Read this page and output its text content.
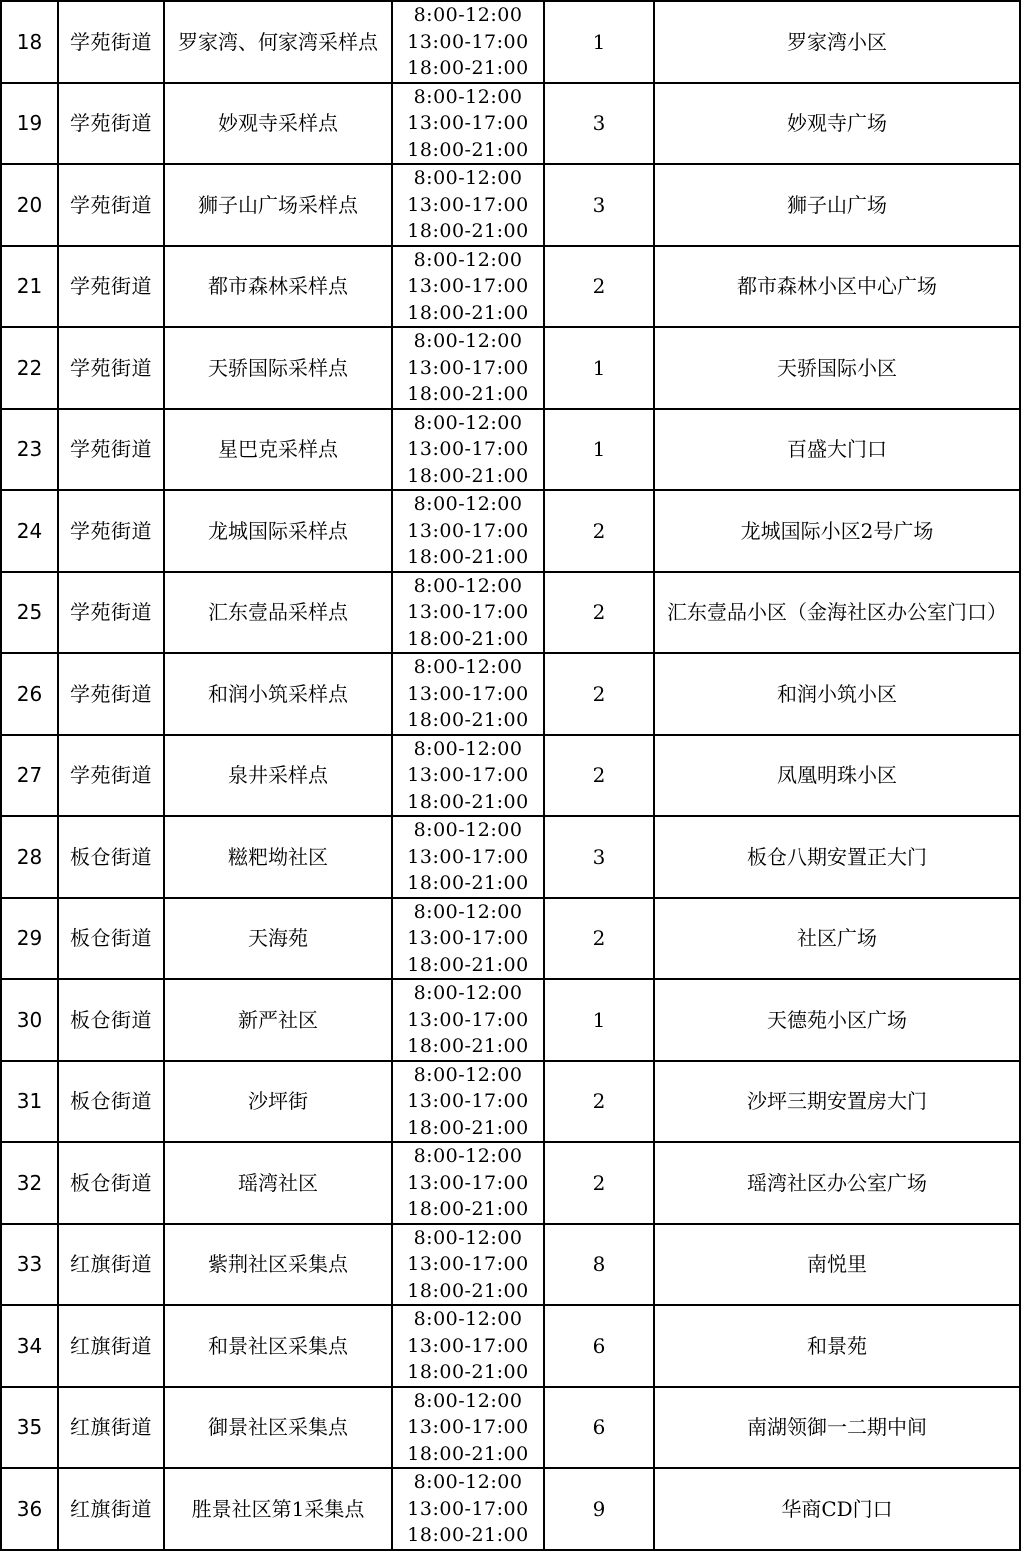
18	学苑街道	罗家湾、何家湾采样点	8:00-12:00
13:00-17:00
18:00-21:00	1	罗家湾小区
19	学苑街道	妙观寺采样点	8:00-12:00
13:00-17:00
18:00-21:00	3	妙观寺广场
20	学苑街道	狮子山广场采样点	8:00-12:00
13:00-17:00
18:00-21:00	3	狮子山广场
21	学苑街道	都市森林采样点	8:00-12:00
13:00-17:00
18:00-21:00	2	都市森林小区中心广场
22	学苑街道	天骄国际采样点	8:00-12:00
13:00-17:00
18:00-21:00	1	天骄国际小区
23	学苑街道	星巴克采样点	8:00-12:00
13:00-17:00
18:00-21:00	1	百盛大门口
24	学苑街道	龙城国际采样点	8:00-12:00
13:00-17:00
18:00-21:00	2	龙城国际小区2号广场
25	学苑街道	汇东壹品采样点	8:00-12:00
13:00-17:00
18:00-21:00	2	汇东壹品小区（金海社区办公室门口）
26	学苑街道	和润小筑采样点	8:00-12:00
13:00-17:00
18:00-21:00	2	和润小筑小区
27	学苑街道	泉井采样点	8:00-12:00
13:00-17:00
18:00-21:00	2	凤凰明珠小区
28	板仓街道	糍粑坳社区	8:00-12:00
13:00-17:00
18:00-21:00	3	板仓八期安置正大门
29	板仓街道	天海苑	8:00-12:00
13:00-17:00
18:00-21:00	2	社区广场
30	板仓街道	新严社区	8:00-12:00
13:00-17:00
18:00-21:00	1	天德苑小区广场
31	板仓街道	沙坪街	8:00-12:00
13:00-17:00
18:00-21:00	2	沙坪三期安置房大门
32	板仓街道	瑶湾社区	8:00-12:00
13:00-17:00
18:00-21:00	2	瑶湾社区办公室广场
33	红旗街道	紫荆社区采集点	8:00-12:00
13:00-17:00
18:00-21:00	8	南悦里
34	红旗街道	和景社区采集点	8:00-12:00
13:00-17:00
18:00-21:00	6	和景苑
35	红旗街道	御景社区采集点	8:00-12:00
13:00-17:00
18:00-21:00	6	南湖领御一二期中间
36	红旗街道	胜景社区第1采集点	8:00-12:00
13:00-17:00
18:00-21:00	9	华商CD门口
